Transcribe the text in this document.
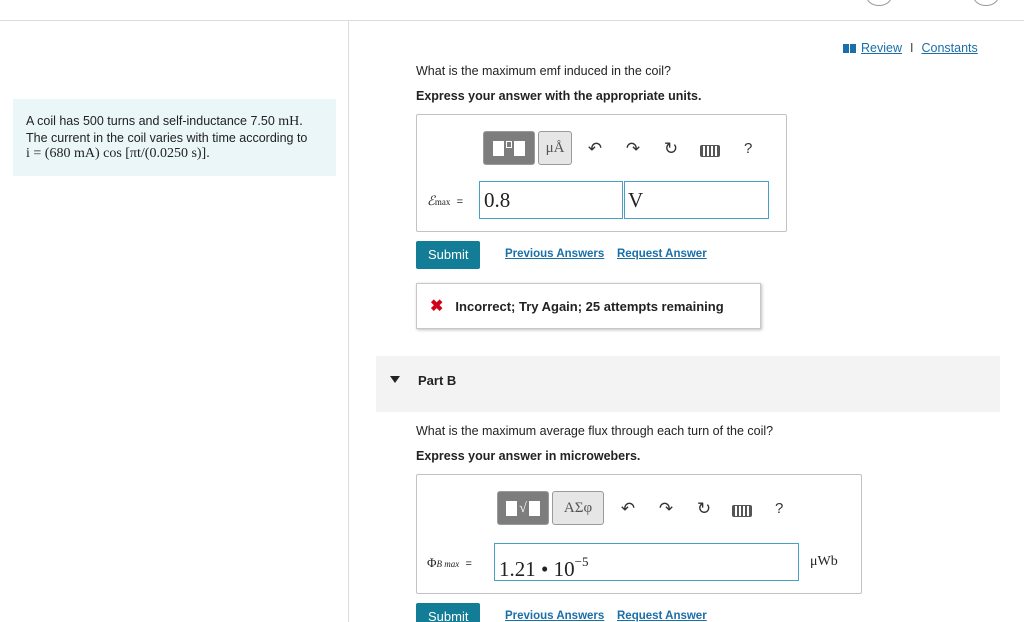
A coil has 500 turns and self-inductance 7.50 mH.
The current in the coil varies with time according to
i = (680 mA) cos [πt/(0.0250 s)].
Review I Constants
What is the maximum emf induced in the coil?
Express your answer with the appropriate units.
μÅ	↶ ↷ ↻	?
ℰmax = 0.8	V
Submit	Previous Answers Request Answer
✖ Incorrect; Try Again; 25 attempts remaining
Part B
What is the maximum average flux through each turn of the coil?
Express your answer in microwebers.
√	ΑΣφ	↶ ↷ ↻	?
ΦB max = 1.21 • $10^{-5}$	μWb
Submit	Previous Answers Request Answer
